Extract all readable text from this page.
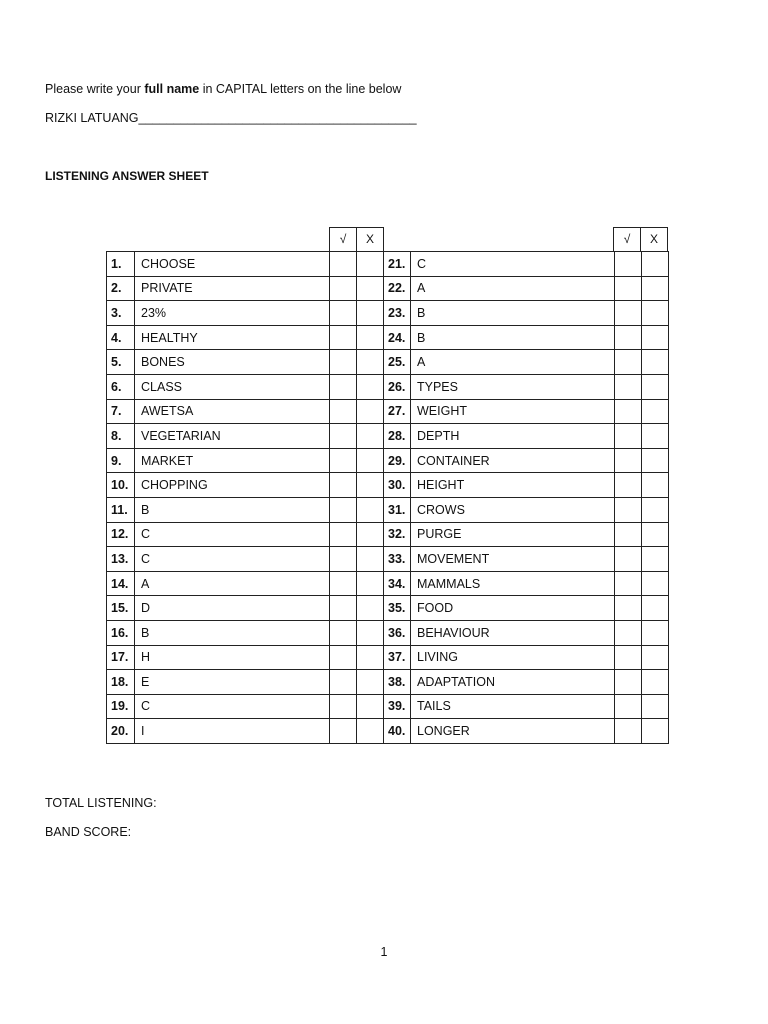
Please write your full name in CAPITAL letters on the line below
RIZKI LATUANG________________________________________
LISTENING ANSWER SHEET
√	X	√	X
1.	CHOOSE			21.	C		
2.	PRIVATE			22.	A		
3.	23%			23.	B		
4.	HEALTHY			24.	B		
5.	BONES			25.	A		
6.	CLASS			26.	TYPES		
7.	AWETSA			27.	WEIGHT		
8.	VEGETARIAN			28.	DEPTH		
9.	MARKET			29.	CONTAINER		
10.	CHOPPING			30.	HEIGHT		
11.	B			31.	CROWS		
12.	C			32.	PURGE		
13.	C			33.	MOVEMENT		
14.	A			34.	MAMMALS		
15.	D			35.	FOOD		
16.	B			36.	BEHAVIOUR		
17.	H			37.	LIVING		
18.	E			38.	ADAPTATION		
19.	C			39.	TAILS		
20.	I			40.	LONGER		
TOTAL LISTENING:
BAND SCORE:
1
